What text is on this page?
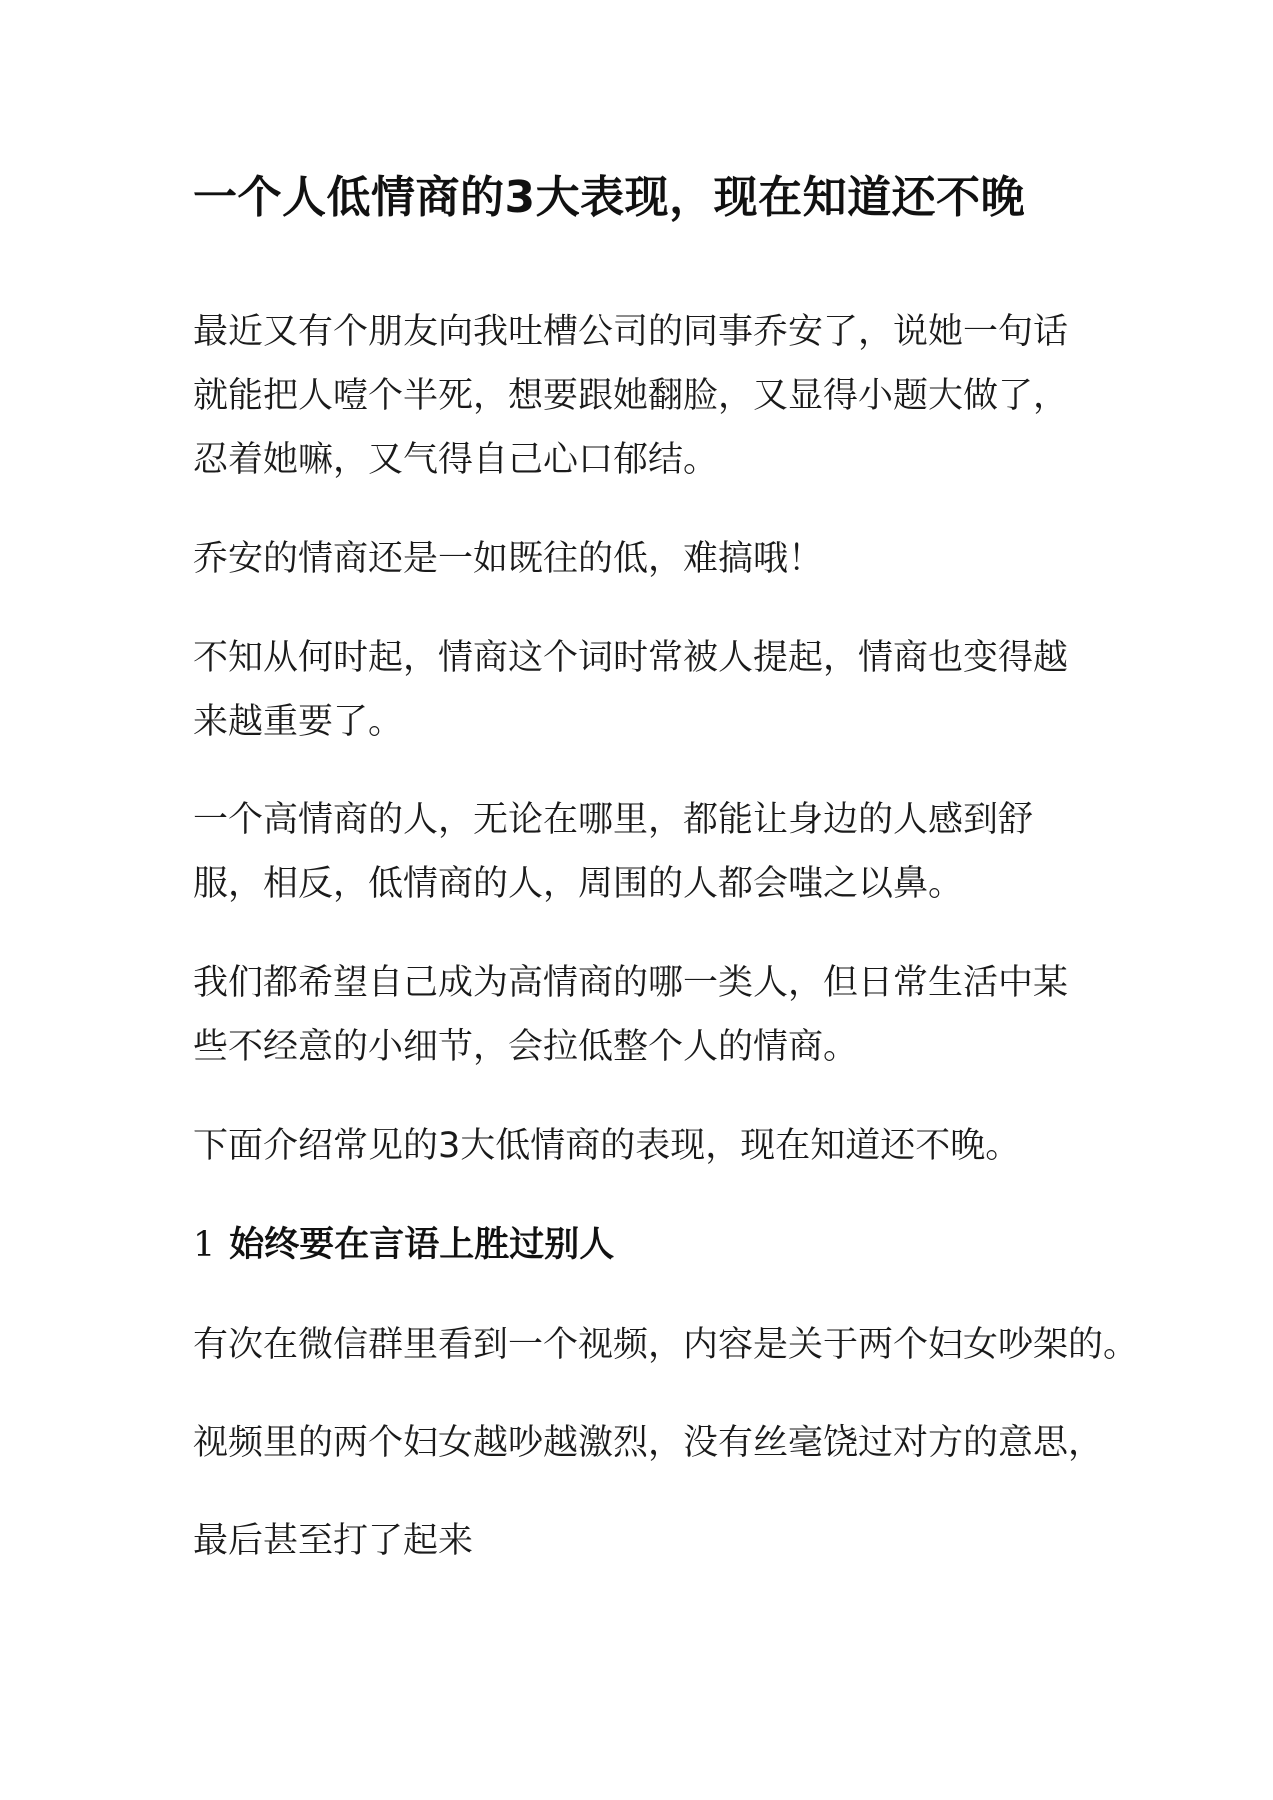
一个人低情商的3大表现，现在知道还不晚

最近又有个朋友向我吐槽公司的同事乔安了，说她一句话就能把人噎个半死，想要跟她翻脸，又显得小题大做了，忍着她嘛，又气得自己心口郁结。

乔安的情商还是一如既往的低，难搞哦！

不知从何时起，情商这个词时常被人提起，情商也变得越来越重要了。

一个高情商的人，无论在哪里，都能让身边的人感到舒服，相反，低情商的人，周围的人都会嗤之以鼻。

我们都希望自己成为高情商的哪一类人，但日常生活中某些不经意的小细节，会拉低整个人的情商。

下面介绍常见的3大低情商的表现，现在知道还不晚。

1 始终要在言语上胜过别人

有次在微信群里看到一个视频，内容是关于两个妇女吵架的。

视频里的两个妇女越吵越激烈，没有丝毫饶过对方的意思，

最后甚至打了起来
